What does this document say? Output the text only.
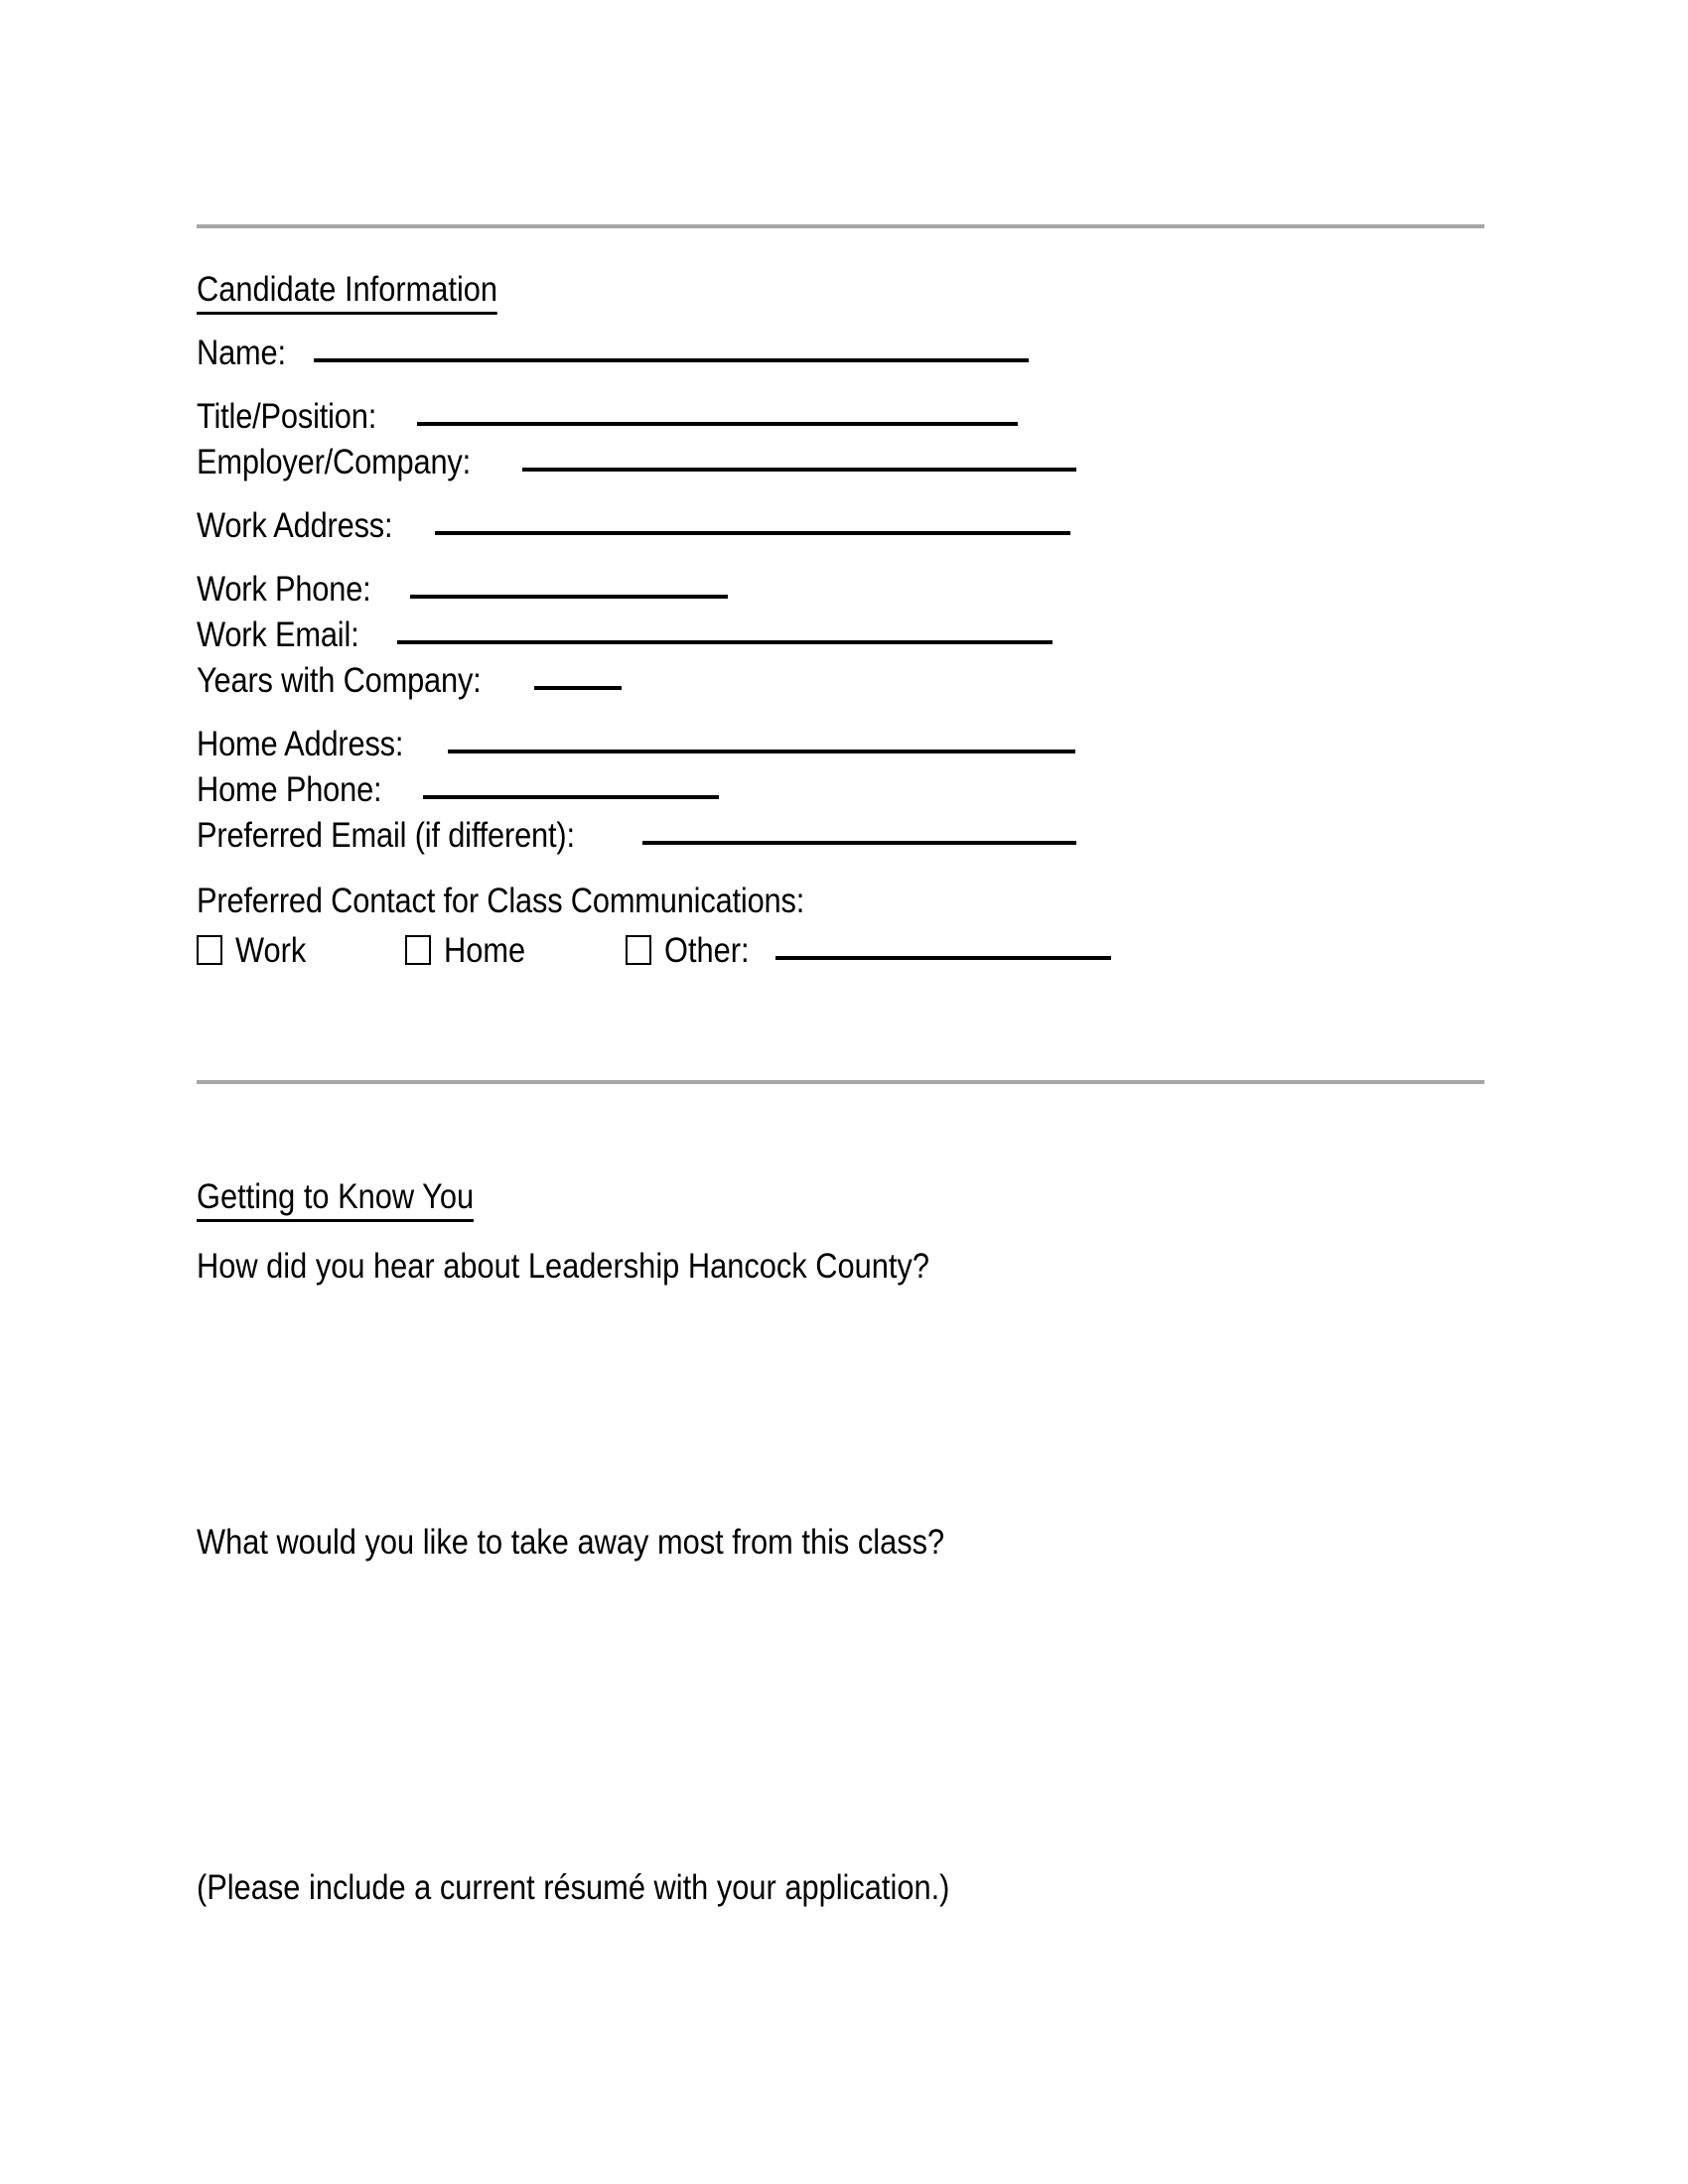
Candidate Information
Name:
Title/Position:
Employer/Company:
Work Address:
Work Phone:
Work Email:
Years with Company:
Home Address:
Home Phone:
Preferred Email (if different):
Preferred Contact for Class Communications:
Work	Home	Other:
Getting to Know You
How did you hear about Leadership Hancock County?
What would you like to take away most from this class?
(Please include a current résumé with your application.)
